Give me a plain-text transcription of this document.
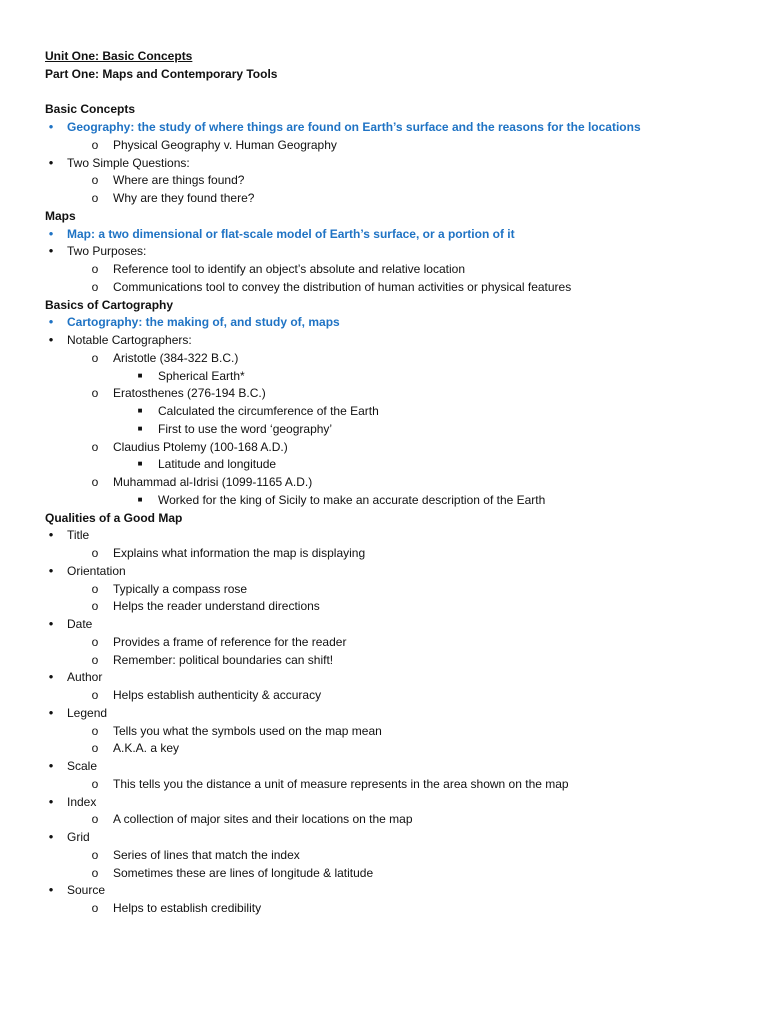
Unit One: Basic Concepts
Part One: Maps and Contemporary Tools
Basic Concepts
•	Geography: the study of where things are found on Earth’s surface and the reasons for the locations
o Physical Geography v. Human Geography
•	Two Simple Questions:
o Where are things found?
o Why are they found there?
Maps
•	Map: a two dimensional or flat-scale model of Earth’s surface, or a portion of it
•	Two Purposes:
o Reference tool to identify an object’s absolute and relative location
o Communications tool to convey the distribution of human activities or physical features
Basics of Cartography
•	Cartography: the making of, and study of, maps
•	Notable Cartographers:
o Aristotle (384-322 B.C.)
■ Spherical Earth*
o Eratosthenes (276-194 B.C.)
■ Calculated the circumference of the Earth
■ First to use the word ‘geography’
o Claudius Ptolemy (100-168 A.D.)
■ Latitude and longitude
o Muhammad al-Idrisi (1099-1165 A.D.)
■ Worked for the king of Sicily to make an accurate description of the Earth
Qualities of a Good Map
•	Title
o Explains what information the map is displaying
•	Orientation
o Typically a compass rose
o Helps the reader understand directions
•	Date
o Provides a frame of reference for the reader
o Remember: political boundaries can shift!
•	Author
o Helps establish authenticity & accuracy
•	Legend
o Tells you what the symbols used on the map mean
o A.K.A. a key
•	Scale
o This tells you the distance a unit of measure represents in the area shown on the map
•	Index
o A collection of major sites and their locations on the map
•	Grid
o Series of lines that match the index
o Sometimes these are lines of longitude & latitude
•	Source
o Helps to establish credibility
